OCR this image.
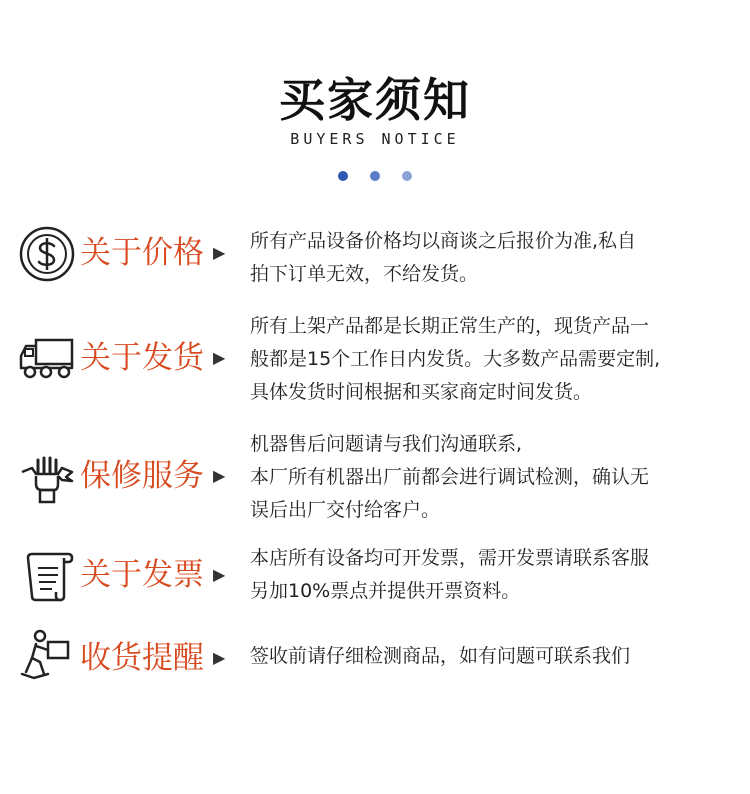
买家须知
BUYERS NOTICE
关于价格 ▶
所有产品设备价格均以商谈之后报价为准,私自
拍下订单无效，不给发货。
关于发货 ▶
所有上架产品都是长期正常生产的，现货产品一
般都是15个工作日内发货。大多数产品需要定制,
具体发货时间根据和买家商定时间发货。
保修服务 ▶
机器售后问题请与我们沟通联系,
本厂所有机器出厂前都会进行调试检测，确认无
误后出厂交付给客户。
关于发票 ▶
本店所有设备均可开发票，需开发票请联系客服
另加10%票点并提供开票资料。
收货提醒 ▶ 签收前请仔细检测商品，如有问题可联系我们
